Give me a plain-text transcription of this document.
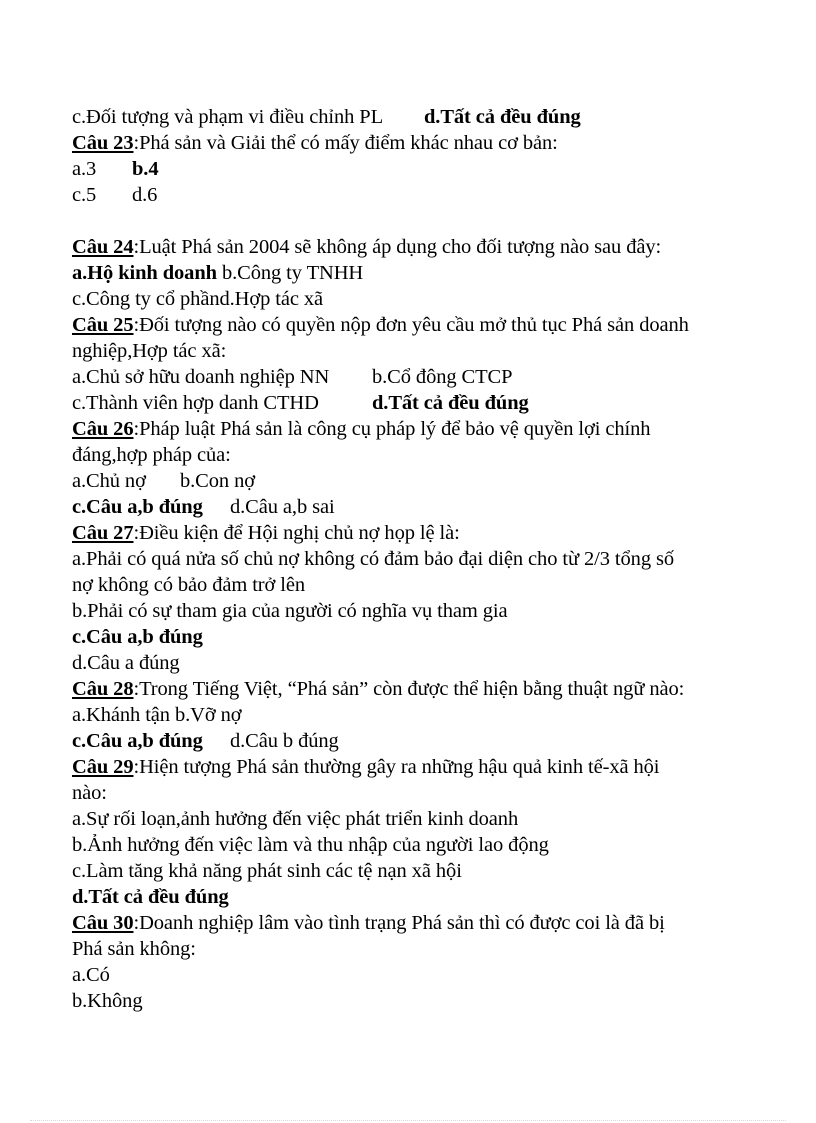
c.Đối tượng và phạm vi điều chỉnh PL d.Tất cả đều đúng
Câu 23:Phá sản và Giải thể có mấy điểm khác nhau cơ bản:
a.3 b.4
c.5 d.6
Câu 24:Luật Phá sản 2004 sẽ không áp dụng cho đối tượng nào sau đây:
a.Hộ kinh doanh b.Công ty TNHH
c.Công ty cổ phầnd.Hợp tác xã
Câu 25:Đối tượng nào có quyền nộp đơn yêu cầu mở thủ tục Phá sản doanh
nghiệp,Hợp tác xã:
a.Chủ sở hữu doanh nghiệp NN b.Cổ đông CTCP
c.Thành viên hợp danh CTHD	d.Tất cả đều đúng
Câu 26:Pháp luật Phá sản là công cụ pháp lý để bảo vệ quyền lợi chính
đáng,hợp pháp của:
a.Chủ nợ b.Con nợ
c.Câu a,b đúng d.Câu a,b sai
Câu 27:Điều kiện để Hội nghị chủ nợ họp lệ là:
a.Phải có quá nửa số chủ nợ không có đảm bảo đại diện cho từ 2/3 tổng số
nợ không có bảo đảm trở lên
b.Phải có sự tham gia của người có nghĩa vụ tham gia
c.Câu a,b đúng
d.Câu a đúng
Câu 28:Trong Tiếng Việt, “Phá sản” còn được thể hiện bằng thuật ngữ nào:
a.Khánh tận b.Vỡ nợ
c.Câu a,b đúng d.Câu b đúng
Câu 29:Hiện tượng Phá sản thường gây ra những hậu quả kinh tế-xã hội
nào:
a.Sự rối loạn,ảnh hưởng đến việc phát triển kinh doanh
b.Ảnh hưởng đến việc làm và thu nhập của người lao động
c.Làm tăng khả năng phát sinh các tệ nạn xã hội
d.Tất cả đều đúng
Câu 30:Doanh nghiệp lâm vào tình trạng Phá sản thì có được coi là đã bị
Phá sản không:
a.Có
b.Không
